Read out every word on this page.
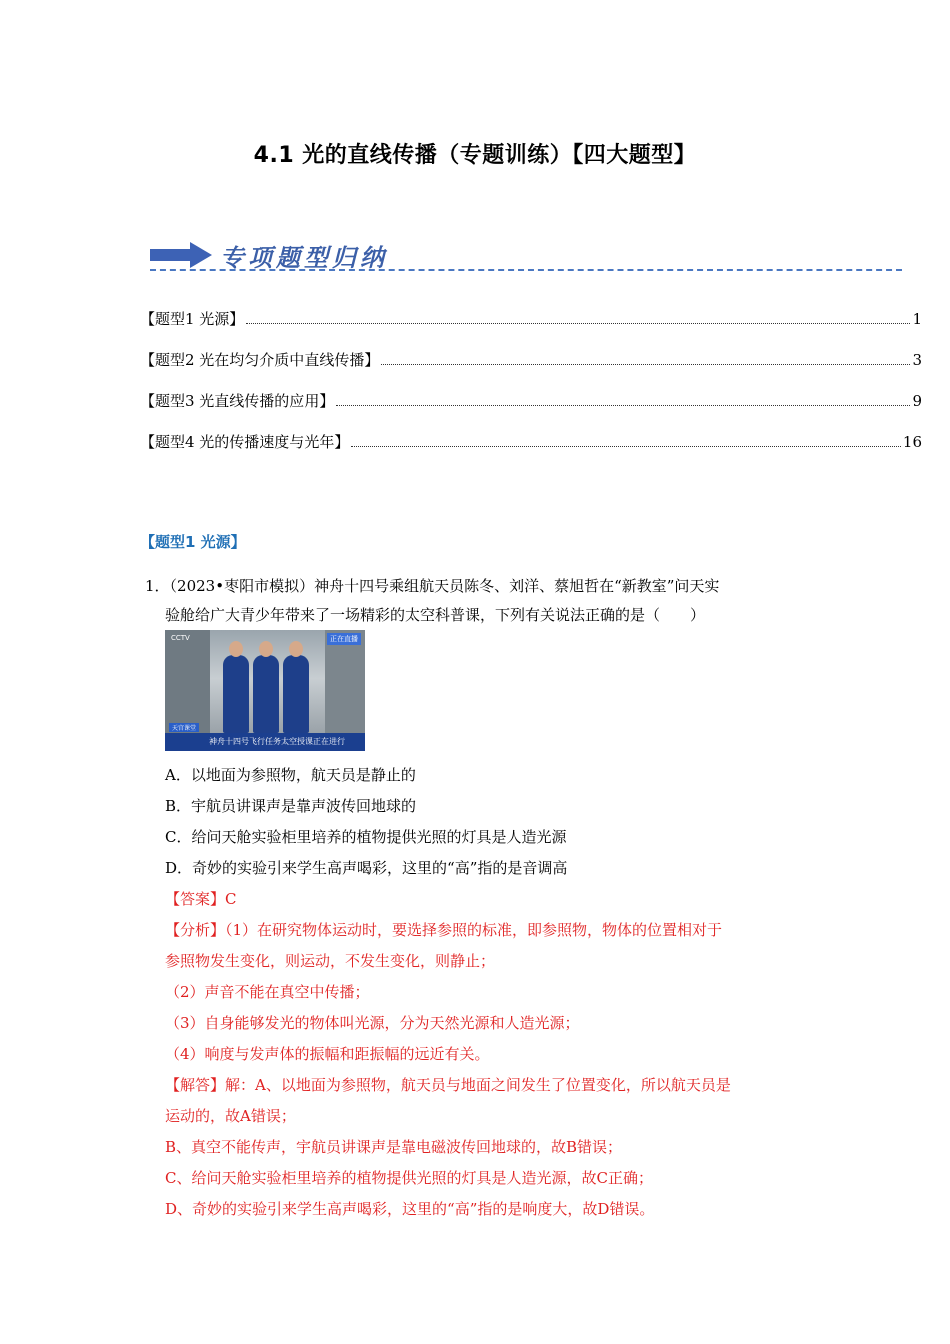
4.1 光的直线传播（专题训练）【四大题型】
专项题型归纳
【题型1 光源】	1
【题型2 光在均匀介质中直线传播】	3
【题型3 光直线传播的应用】	9
【题型4 光的传播速度与光年】	16
【题型1 光源】

1．（2023•枣阳市模拟）神舟十四号乘组航天员陈冬、刘洋、蔡旭哲在“新教室”问天实

验舱给广大青少年带来了一场精彩的太空科普课，下列有关说法正确的是（　　）

CCTV	正在直播
天宫课堂
神舟十四号飞行任务太空授课正在进行

A．以地面为参照物，航天员是静止的

B．宇航员讲课声是靠声波传回地球的

C．给问天舱实验柜里培养的植物提供光照的灯具是人造光源

D．奇妙的实验引来学生高声喝彩，这里的“高”指的是音调高

【答案】C

【分析】（1）在研究物体运动时，要选择参照的标准，即参照物，物体的位置相对于

参照物发生变化，则运动，不发生变化，则静止；

（2）声音不能在真空中传播；

（3）自身能够发光的物体叫光源，分为天然光源和人造光源；

（4）响度与发声体的振幅和距振幅的远近有关。

【解答】解：A、以地面为参照物，航天员与地面之间发生了位置变化，所以航天员是

运动的，故A错误；

B、真空不能传声，宇航员讲课声是靠电磁波传回地球的，故B错误；

C、给问天舱实验柜里培养的植物提供光照的灯具是人造光源，故C正确；

D、奇妙的实验引来学生高声喝彩，这里的“高”指的是响度大，故D错误。
